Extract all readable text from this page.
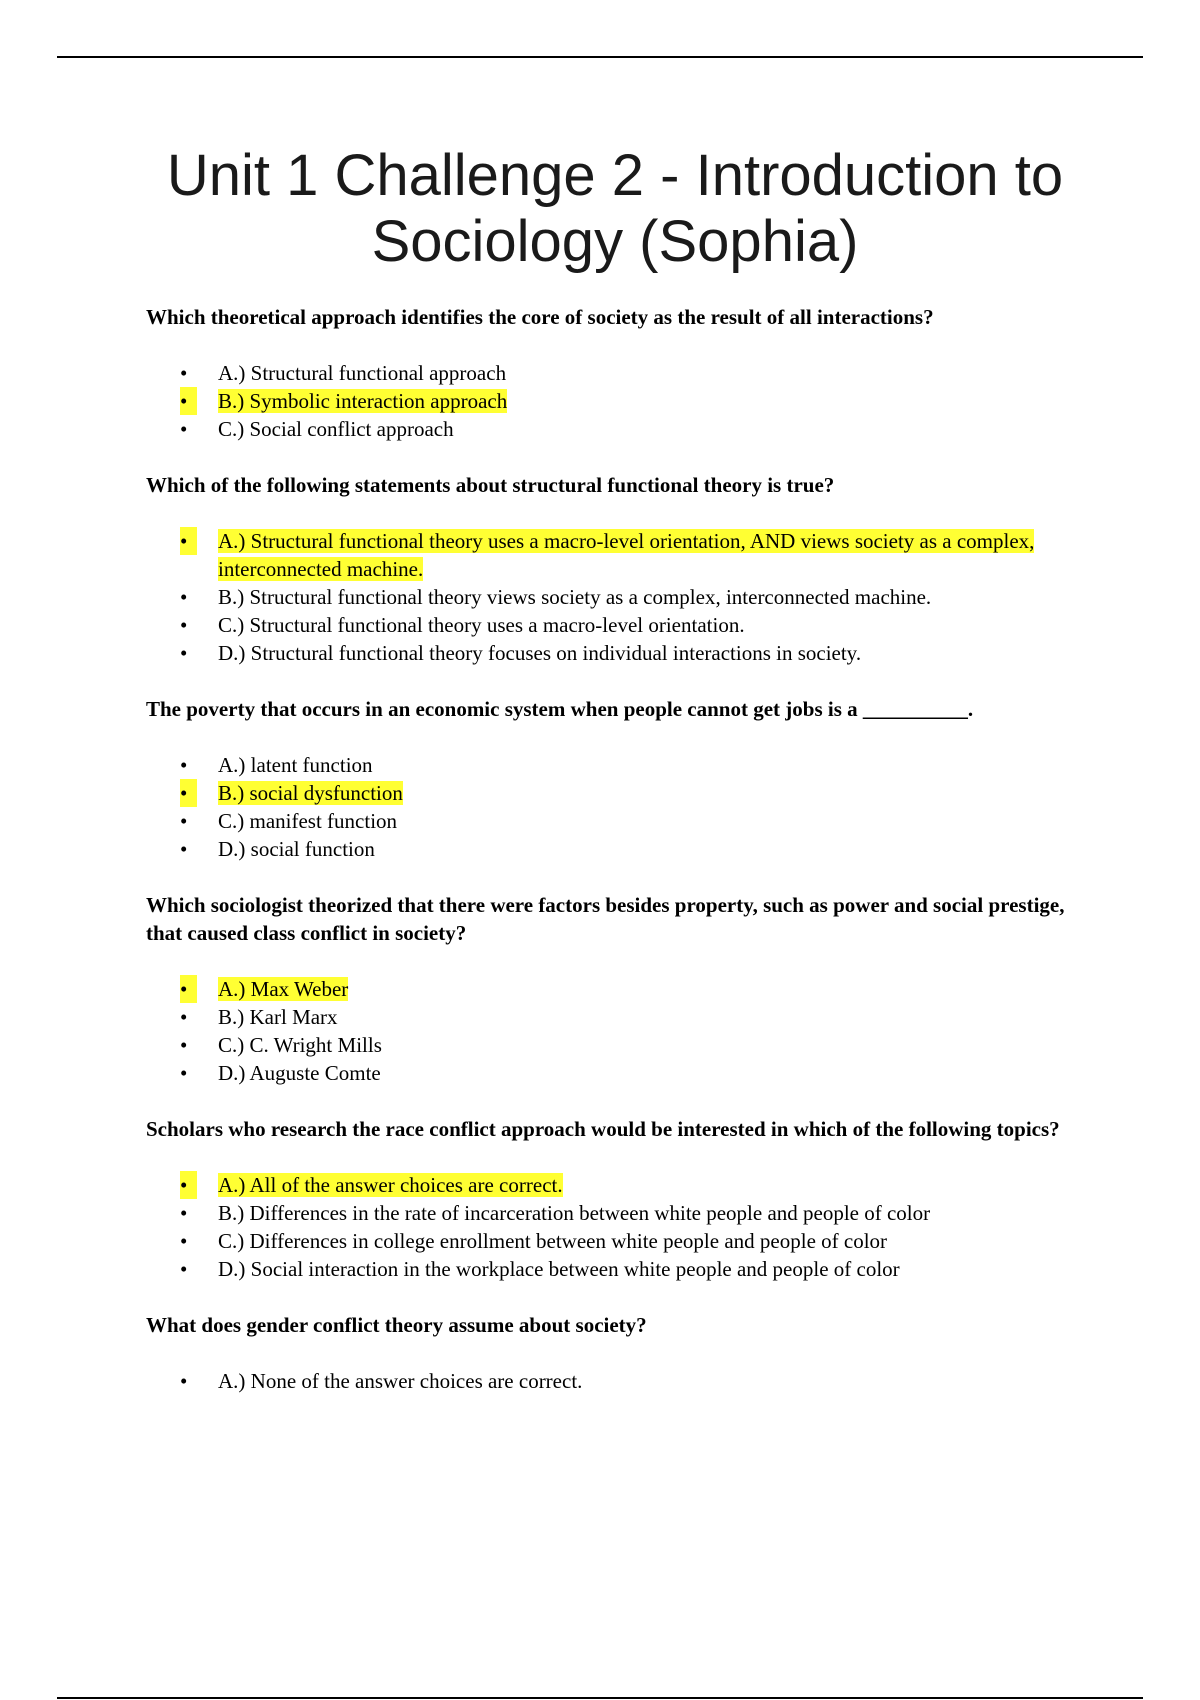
Unit 1 Challenge 2 - Introduction to
Sociology (Sophia)

Which theoretical approach identifies the core of society as the result of all interactions?

• A.) Structural functional approach
•	B.) Symbolic interaction approach
• C.) Social conflict approach

Which of the following statements about structural functional theory is true?

•	A.) Structural functional theory uses a macro-level orientation, AND views society as a complex, interconnected machine.
• B.) Structural functional theory views society as a complex, interconnected machine.
• C.) Structural functional theory uses a macro-level orientation.
• D.) Structural functional theory focuses on individual interactions in society.

The poverty that occurs in an economic system when people cannot get jobs is a __________.

• A.) latent function
•	B.) social dysfunction
• C.) manifest function
• D.) social function

Which sociologist theorized that there were factors besides property, such as power and social prestige, that caused class conflict in society?

•	A.) Max Weber
• B.) Karl Marx
• C.) C. Wright Mills
• D.) Auguste Comte

Scholars who research the race conflict approach would be interested in which of the following topics?

•	A.) All of the answer choices are correct.
• B.) Differences in the rate of incarceration between white people and people of color
• C.) Differences in college enrollment between white people and people of color
• D.) Social interaction in the workplace between white people and people of color

What does gender conflict theory assume about society?

• A.) None of the answer choices are correct.
